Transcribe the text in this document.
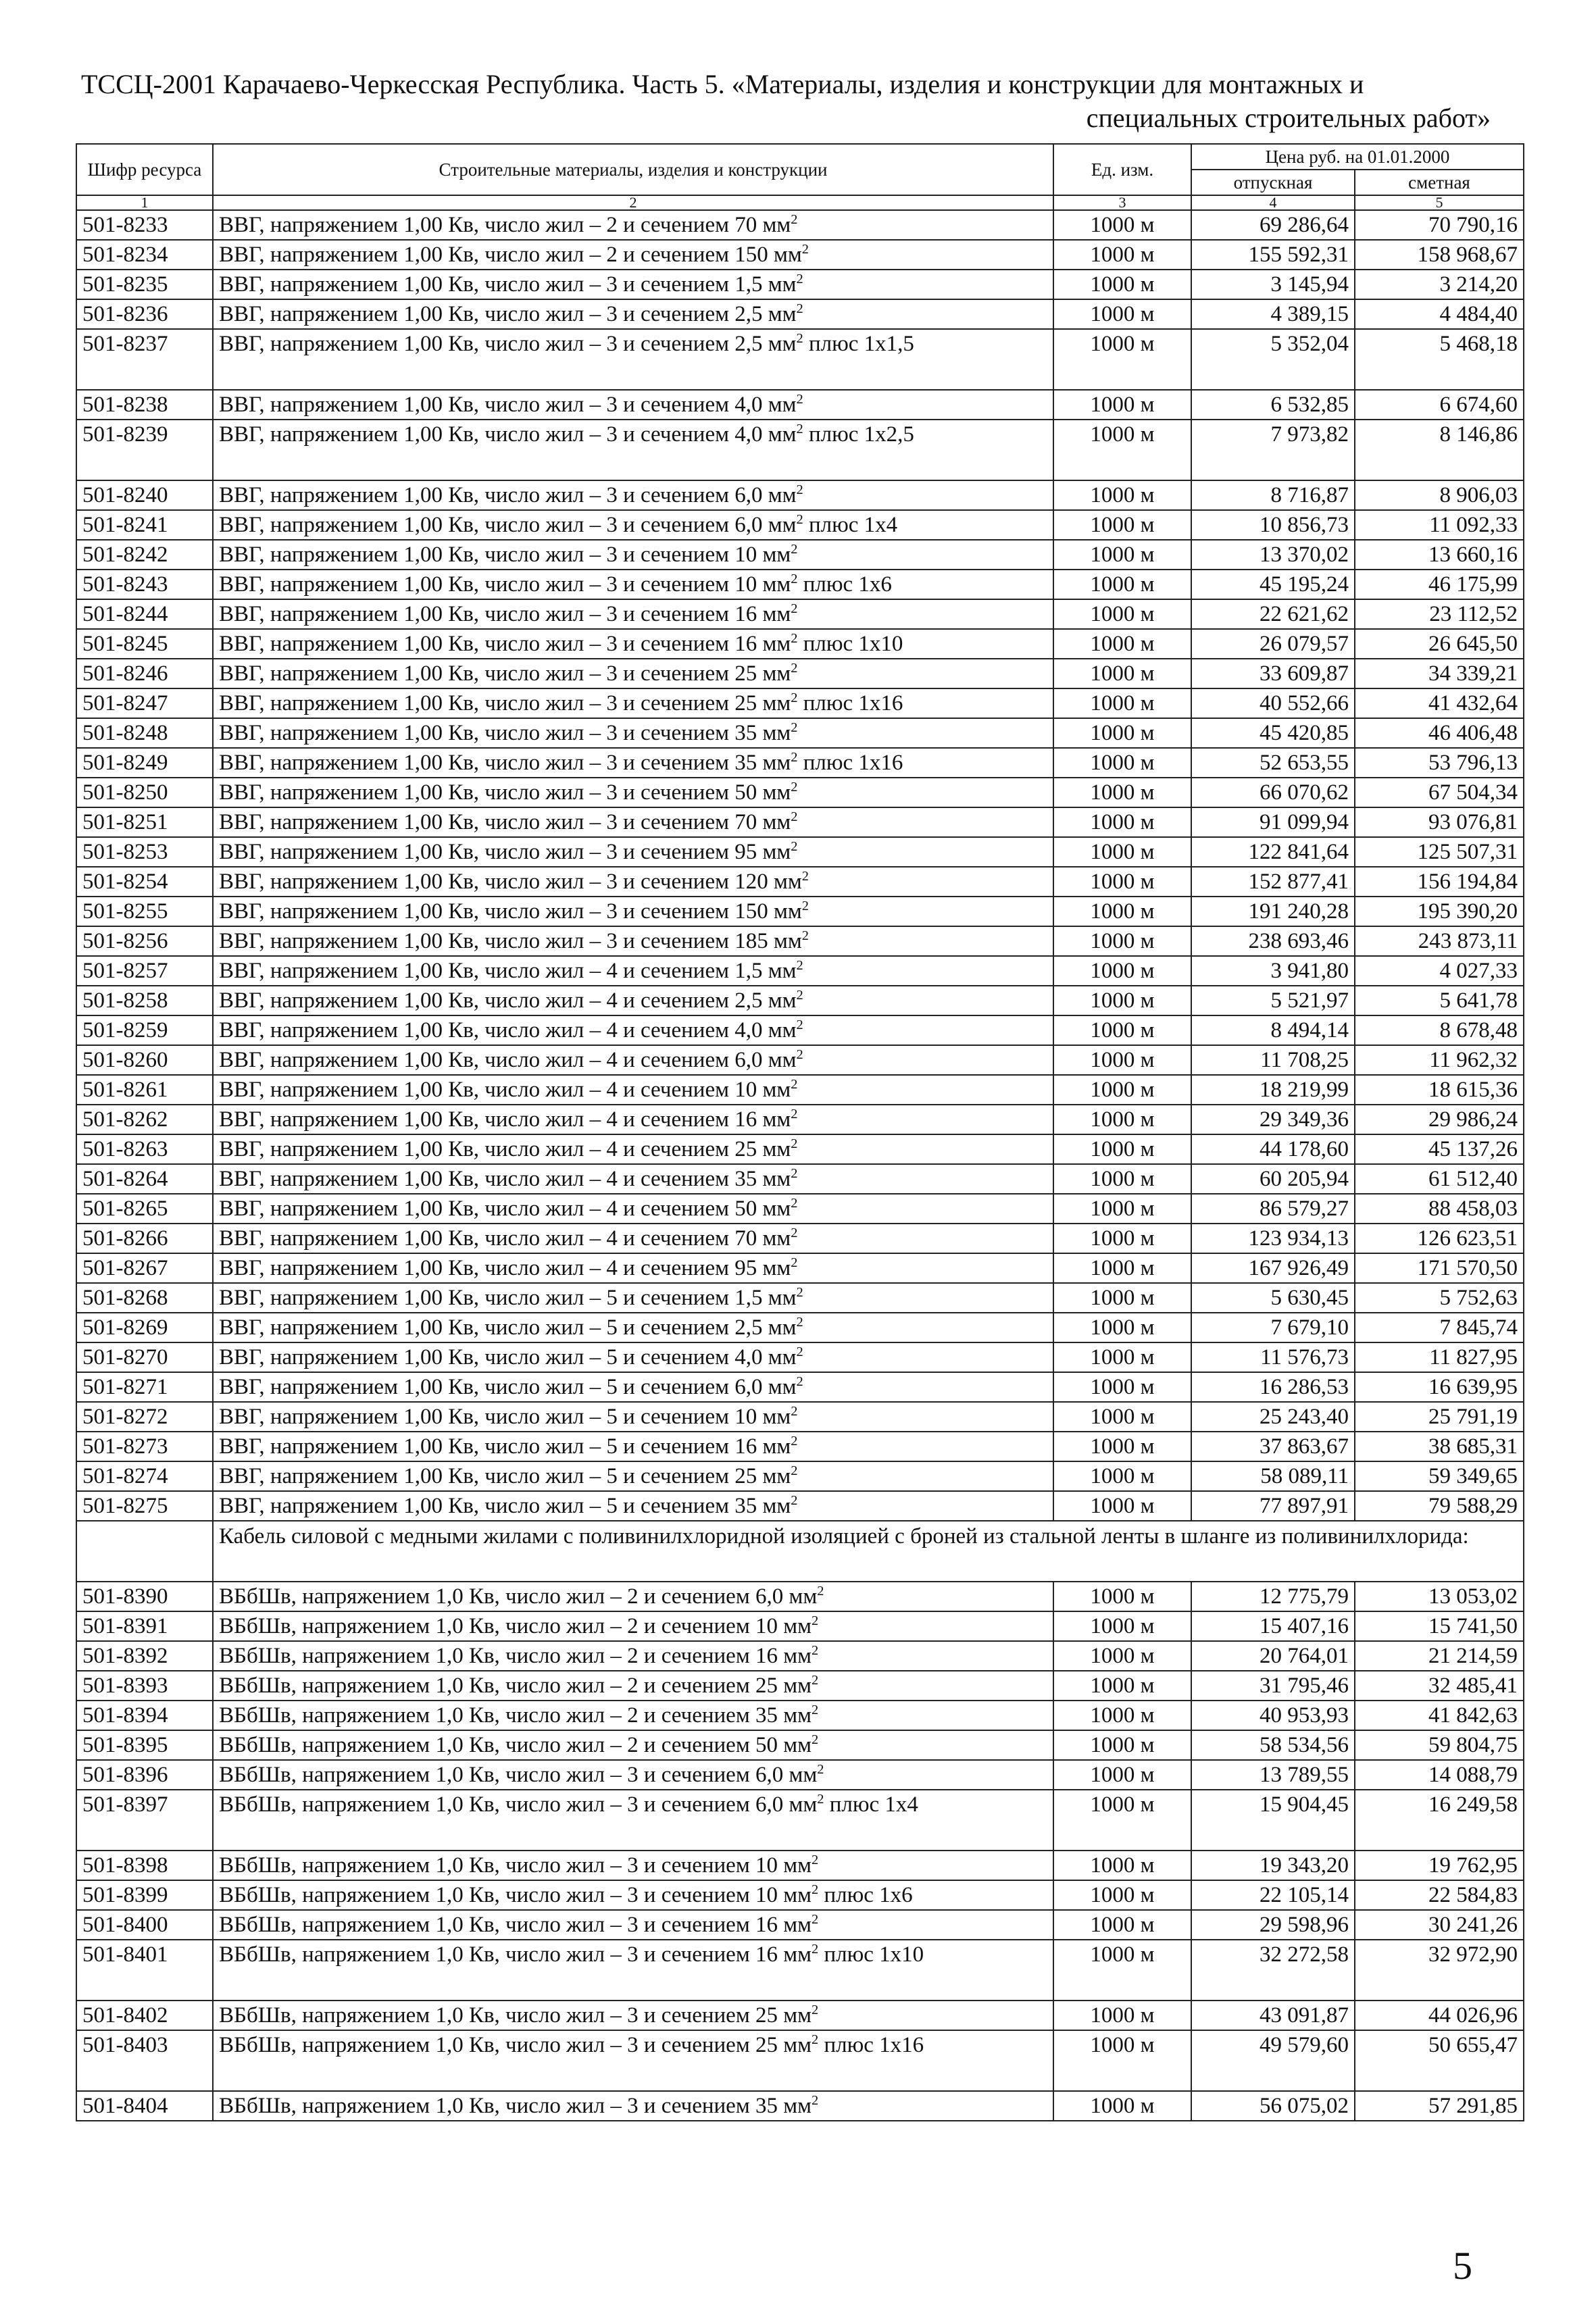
ТССЦ-2001 Карачаево-Черкесская Республика. Часть 5. «Материалы, изделия и конструкции для монтажных и
специальных строительных работ»
Шифр ресурса	Строительные материалы, изделия и конструкции	Ед. изм.	Цена руб. на 01.01.2000	
			отпускная	сметная
1	2	3	4	5
501-8233	ВВГ, напряжением 1,00 Кв, число жил – 2 и сечением 70 $мм^2$	1000 м	69 286,64	70 790,16
501-8234	ВВГ, напряжением 1,00 Кв, число жил – 2 и сечением 150 $мм^2$	1000 м	155 592,31	158 968,67
501-8235	ВВГ, напряжением 1,00 Кв, число жил – 3 и сечением 1,5 $мм^2$	1000 м	3 145,94	3 214,20
501-8236	ВВГ, напряжением 1,00 Кв, число жил – 3 и сечением 2,5 $мм^2$	1000 м	4 389,15	4 484,40
501-8237	ВВГ, напряжением 1,00 Кв, число жил – 3 и сечением 2,5 $мм^2$ плюс 1х1,5	1000 м	5 352,04	5 468,18
501-8238	ВВГ, напряжением 1,00 Кв, число жил – 3 и сечением 4,0 $мм^2$	1000 м	6 532,85	6 674,60
501-8239	ВВГ, напряжением 1,00 Кв, число жил – 3 и сечением 4,0 $мм^2$ плюс 1х2,5	1000 м	7 973,82	8 146,86
501-8240	ВВГ, напряжением 1,00 Кв, число жил – 3 и сечением 6,0 $мм^2$	1000 м	8 716,87	8 906,03
501-8241	ВВГ, напряжением 1,00 Кв, число жил – 3 и сечением 6,0 $мм^2$ плюс 1х4	1000 м	10 856,73	11 092,33
501-8242	ВВГ, напряжением 1,00 Кв, число жил – 3 и сечением 10 $мм^2$	1000 м	13 370,02	13 660,16
501-8243	ВВГ, напряжением 1,00 Кв, число жил – 3 и сечением 10 $мм^2$ плюс 1х6	1000 м	45 195,24	46 175,99
501-8244	ВВГ, напряжением 1,00 Кв, число жил – 3 и сечением 16 $мм^2$	1000 м	22 621,62	23 112,52
501-8245	ВВГ, напряжением 1,00 Кв, число жил – 3 и сечением 16 $мм^2$ плюс 1х10	1000 м	26 079,57	26 645,50
501-8246	ВВГ, напряжением 1,00 Кв, число жил – 3 и сечением 25 $мм^2$	1000 м	33 609,87	34 339,21
501-8247	ВВГ, напряжением 1,00 Кв, число жил – 3 и сечением 25 $мм^2$ плюс 1х16	1000 м	40 552,66	41 432,64
501-8248	ВВГ, напряжением 1,00 Кв, число жил – 3 и сечением 35 $мм^2$	1000 м	45 420,85	46 406,48
501-8249	ВВГ, напряжением 1,00 Кв, число жил – 3 и сечением 35 $мм^2$ плюс 1х16	1000 м	52 653,55	53 796,13
501-8250	ВВГ, напряжением 1,00 Кв, число жил – 3 и сечением 50 $мм^2$	1000 м	66 070,62	67 504,34
501-8251	ВВГ, напряжением 1,00 Кв, число жил – 3 и сечением 70 $мм^2$	1000 м	91 099,94	93 076,81
501-8253	ВВГ, напряжением 1,00 Кв, число жил – 3 и сечением 95 $мм^2$	1000 м	122 841,64	125 507,31
501-8254	ВВГ, напряжением 1,00 Кв, число жил – 3 и сечением 120 $мм^2$	1000 м	152 877,41	156 194,84
501-8255	ВВГ, напряжением 1,00 Кв, число жил – 3 и сечением 150 $мм^2$	1000 м	191 240,28	195 390,20
501-8256	ВВГ, напряжением 1,00 Кв, число жил – 3 и сечением 185 $мм^2$	1000 м	238 693,46	243 873,11
501-8257	ВВГ, напряжением 1,00 Кв, число жил – 4 и сечением 1,5 $мм^2$	1000 м	3 941,80	4 027,33
501-8258	ВВГ, напряжением 1,00 Кв, число жил – 4 и сечением 2,5 $мм^2$	1000 м	5 521,97	5 641,78
501-8259	ВВГ, напряжением 1,00 Кв, число жил – 4 и сечением 4,0 $мм^2$	1000 м	8 494,14	8 678,48
501-8260	ВВГ, напряжением 1,00 Кв, число жил – 4 и сечением 6,0 $мм^2$	1000 м	11 708,25	11 962,32
501-8261	ВВГ, напряжением 1,00 Кв, число жил – 4 и сечением 10 $мм^2$	1000 м	18 219,99	18 615,36
501-8262	ВВГ, напряжением 1,00 Кв, число жил – 4 и сечением 16 $мм^2$	1000 м	29 349,36	29 986,24
501-8263	ВВГ, напряжением 1,00 Кв, число жил – 4 и сечением 25 $мм^2$	1000 м	44 178,60	45 137,26
501-8264	ВВГ, напряжением 1,00 Кв, число жил – 4 и сечением 35 $мм^2$	1000 м	60 205,94	61 512,40
501-8265	ВВГ, напряжением 1,00 Кв, число жил – 4 и сечением 50 $мм^2$	1000 м	86 579,27	88 458,03
501-8266	ВВГ, напряжением 1,00 Кв, число жил – 4 и сечением 70 $мм^2$	1000 м	123 934,13	126 623,51
501-8267	ВВГ, напряжением 1,00 Кв, число жил – 4 и сечением 95 $мм^2$	1000 м	167 926,49	171 570,50
501-8268	ВВГ, напряжением 1,00 Кв, число жил – 5 и сечением 1,5 $мм^2$	1000 м	5 630,45	5 752,63
501-8269	ВВГ, напряжением 1,00 Кв, число жил – 5 и сечением 2,5 $мм^2$	1000 м	7 679,10	7 845,74
501-8270	ВВГ, напряжением 1,00 Кв, число жил – 5 и сечением 4,0 $мм^2$	1000 м	11 576,73	11 827,95
501-8271	ВВГ, напряжением 1,00 Кв, число жил – 5 и сечением 6,0 $мм^2$	1000 м	16 286,53	16 639,95
501-8272	ВВГ, напряжением 1,00 Кв, число жил – 5 и сечением 10 $мм^2$	1000 м	25 243,40	25 791,19
501-8273	ВВГ, напряжением 1,00 Кв, число жил – 5 и сечением 16 $мм^2$	1000 м	37 863,67	38 685,31
501-8274	ВВГ, напряжением 1,00 Кв, число жил – 5 и сечением 25 $мм^2$	1000 м	58 089,11	59 349,65
501-8275	ВВГ, напряжением 1,00 Кв, число жил – 5 и сечением 35 $мм^2$	1000 м	77 897,91	79 588,29
	Кабель силовой с медными жилами с поливинилхлоридной изоляцией с броней из стальной ленты в шланге из поливинилхлорида:			
501-8390	ВБбШв, напряжением 1,0 Кв, число жил – 2 и сечением 6,0 $мм^2$	1000 м	12 775,79	13 053,02
501-8391	ВБбШв, напряжением 1,0 Кв, число жил – 2 и сечением 10 $мм^2$	1000 м	15 407,16	15 741,50
501-8392	ВБбШв, напряжением 1,0 Кв, число жил – 2 и сечением 16 $мм^2$	1000 м	20 764,01	21 214,59
501-8393	ВБбШв, напряжением 1,0 Кв, число жил – 2 и сечением 25 $мм^2$	1000 м	31 795,46	32 485,41
501-8394	ВБбШв, напряжением 1,0 Кв, число жил – 2 и сечением 35 $мм^2$	1000 м	40 953,93	41 842,63
501-8395	ВБбШв, напряжением 1,0 Кв, число жил – 2 и сечением 50 $мм^2$	1000 м	58 534,56	59 804,75
501-8396	ВБбШв, напряжением 1,0 Кв, число жил – 3 и сечением 6,0 $мм^2$	1000 м	13 789,55	14 088,79
501-8397	ВБбШв, напряжением 1,0 Кв, число жил – 3 и сечением 6,0 $мм^2$ плюс 1х4	1000 м	15 904,45	16 249,58
501-8398	ВБбШв, напряжением 1,0 Кв, число жил – 3 и сечением 10 $мм^2$	1000 м	19 343,20	19 762,95
501-8399	ВБбШв, напряжением 1,0 Кв, число жил – 3 и сечением 10 $мм^2$ плюс 1х6	1000 м	22 105,14	22 584,83
501-8400	ВБбШв, напряжением 1,0 Кв, число жил – 3 и сечением 16 $мм^2$	1000 м	29 598,96	30 241,26
501-8401	ВБбШв, напряжением 1,0 Кв, число жил – 3 и сечением 16 $мм^2$ плюс 1х10	1000 м	32 272,58	32 972,90
501-8402	ВБбШв, напряжением 1,0 Кв, число жил – 3 и сечением 25 $мм^2$	1000 м	43 091,87	44 026,96
501-8403	ВБбШв, напряжением 1,0 Кв, число жил – 3 и сечением 25 $мм^2$ плюс 1х16	1000 м	49 579,60	50 655,47
501-8404	ВБбШв, напряжением 1,0 Кв, число жил – 3 и сечением 35 $мм^2$	1000 м	56 075,02	57 291,85
5
